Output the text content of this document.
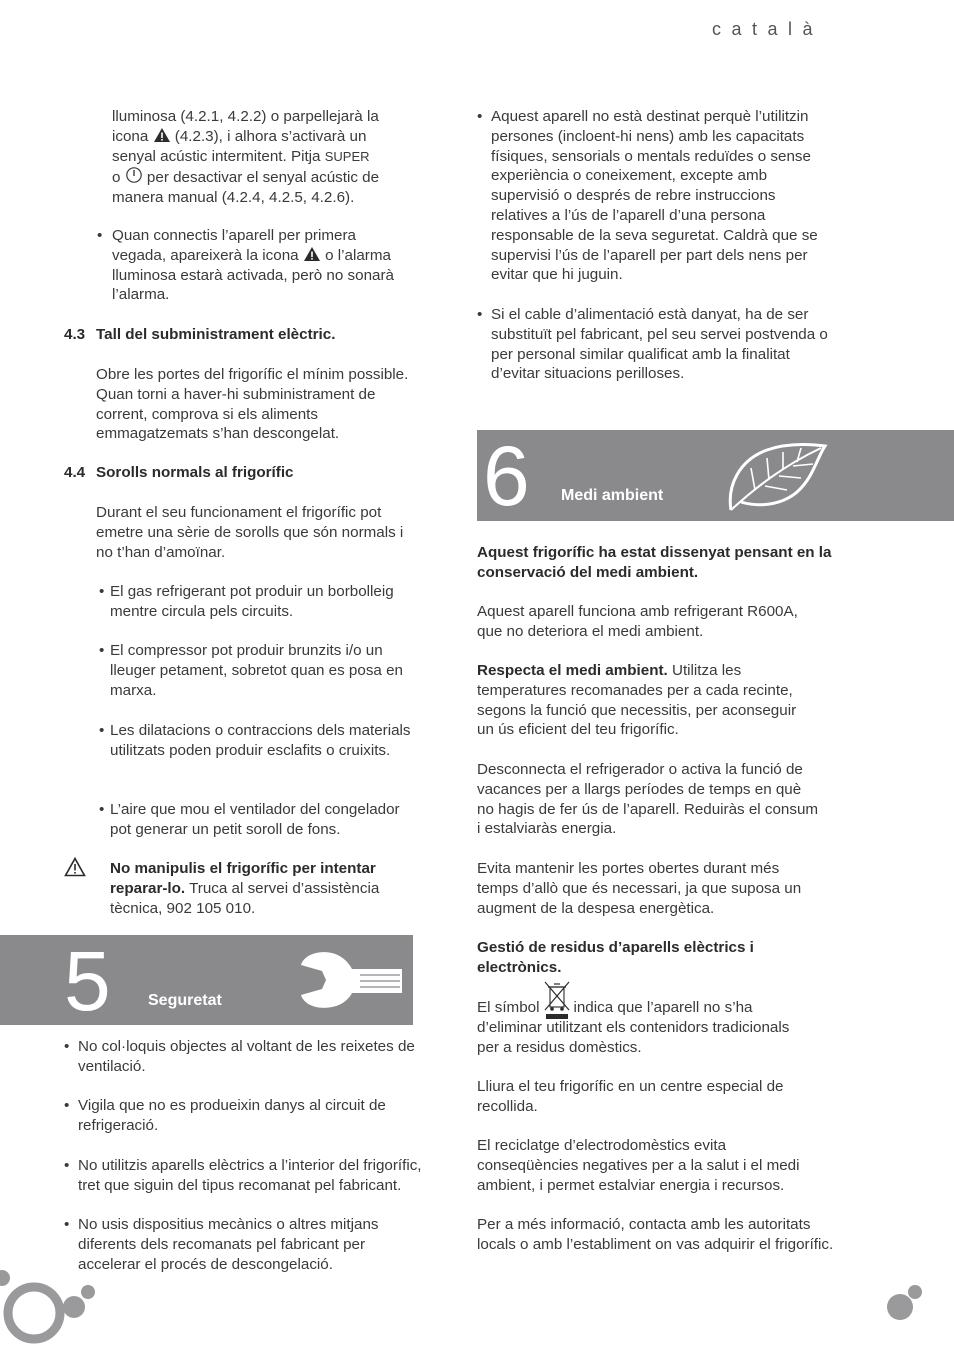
català

lluminosa (4.2.1, 4.2.2) o parpellejarà la

icona (4.2.3), i alhora s’activarà un

senyal acústic intermitent. Pitja SUPER

o per desactivar el senyal acústic de

manera manual (4.2.4, 4.2.5, 4.2.6).

• Quan connectis l’aparell per primera

vegada, apareixerà la icona o l’alarma

lluminosa estarà activada, però no sonarà

l’alarma.

4.3 Tall del subministrament elèctric.
Obre les portes del frigorífic el mínim possible. Quan torni a haver-hi subministrament de corrent, comprova si els aliments emmagatzemats s’han descongelat.
4.4 Sorolls normals al frigorífic
Durant el seu funcionament el frigorífic pot emetre una sèrie de sorolls que són normals i no t’han d’amoïnar.
• El gas refrigerant pot produir un borbolleig mentre circula pels circuits.
• El compressor pot produir brunzits i/o un lleuger petament, sobretot quan es posa en marxa.
• Les dilatacions o contraccions dels materials utilitzats poden produir esclafits o cruixits.
• L’aire que mou el ventilador del congelador pot generar un petit soroll de fons.
No manipulis el frigorífic per intentar reparar-lo. Truca al servei d’assistència tècnica, 902 105 010.
5 Seguretat
• No col·loquis objectes al voltant de les reixetes de ventilació.
• Vigila que no es produeixin danys al circuit de refrigeració.
• No utilitzis aparells elèctrics a l’interior del frigorífic, tret que siguin del tipus recomanat pel fabricant.
• No usis dispositius mecànics o altres mitjans diferents dels recomanats pel fabricant per accelerar el procés de descongelació.
• Aquest aparell no està destinat perquè l’utilitzin persones (incloent-hi nens) amb les capacitats físiques, sensorials o mentals reduïdes o sense experiència o coneixement, excepte amb supervisió o després de rebre instruccions relatives a l’ús de l’aparell d’una persona responsable de la seva seguretat. Caldrà que se supervisi l’ús de l’aparell per part dels nens per evitar que hi juguin.
• Si el cable d’alimentació està danyat, ha de ser substituït pel fabricant, pel seu servei postvenda o per personal similar qualificat amb la finalitat d’evitar situacions perilloses.
6 Medi ambient
Aquest frigorífic ha estat dissenyat pensant en la conservació del medi ambient.
Aquest aparell funciona amb refrigerant R600A, que no deteriora el medi ambient.
Respecta el medi ambient. Utilitza les temperatures recomanades per a cada recinte, segons la funció que necessitis, per aconseguir un ús eficient del teu frigorífic.
Desconnecta el refrigerador o activa la funció de vacances per a llargs períodes de temps en què no hagis de fer ús de l’aparell. Reduiràs el consum i estalviaràs energia.
Evita mantenir les portes obertes durant més temps d’allò que és necessari, ja que suposa un augment de la despesa energètica.
Gestió de residus d’aparells elèctrics i electrònics.

El símbol indica que l’aparell no s’ha

d’eliminar utilitzant els contenidors tradicionals per a residus domèstics.

Lliura el teu frigorífic en un centre especial de recollida.
El reciclatge d’electrodomèstics evita conseqüències negatives per a la salut i el medi ambient, i permet estalviar energia i recursos.
Per a més informació, contacta amb les autoritats locals o amb l’establiment on vas adquirir el frigorífic.
